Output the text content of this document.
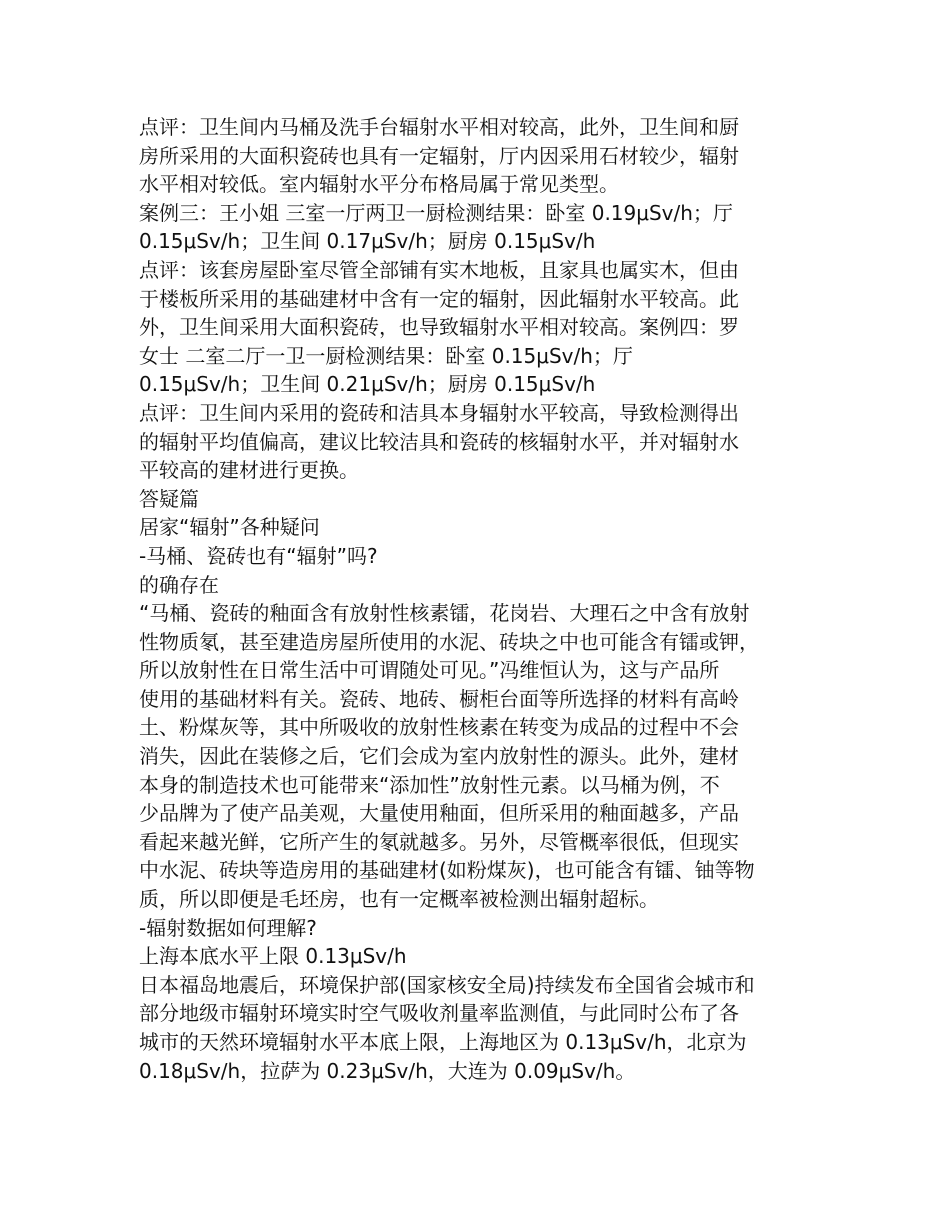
点评：卫生间内马桶及洗手台辐射水平相对较高，此外，卫生间和厨
房所采用的大面积瓷砖也具有一定辐射，厅内因采用石材较少，辐射
水平相对较低。室内辐射水平分布格局属于常见类型。
案例三：王小姐 三室一厅两卫一厨检测结果：卧室 0.19μSv/h；厅
0.15μSv/h；卫生间 0.17μSv/h；厨房 0.15μSv/h
点评：该套房屋卧室尽管全部铺有实木地板，且家具也属实木，但由
于楼板所采用的基础建材中含有一定的辐射，因此辐射水平较高。此
外，卫生间采用大面积瓷砖，也导致辐射水平相对较高。案例四：罗
女士 二室二厅一卫一厨检测结果：卧室 0.15μSv/h；厅
0.15μSv/h；卫生间 0.21μSv/h；厨房 0.15μSv/h
点评：卫生间内采用的瓷砖和洁具本身辐射水平较高，导致检测得出
的辐射平均值偏高，建议比较洁具和瓷砖的核辐射水平，并对辐射水
平较高的建材进行更换。
答疑篇
居家“辐射”各种疑问
-马桶、瓷砖也有“辐射”吗?
的确存在
“马桶、瓷砖的釉面含有放射性核素镭，花岗岩、大理石之中含有放射
性物质氡，甚至建造房屋所使用的水泥、砖块之中也可能含有镭或钾，
所以放射性在日常生活中可谓随处可见。”冯维恒认为，这与产品所
使用的基础材料有关。瓷砖、地砖、橱柜台面等所选择的材料有高岭
土、粉煤灰等，其中所吸收的放射性核素在转变为成品的过程中不会
消失，因此在装修之后，它们会成为室内放射性的源头。此外，建材
本身的制造技术也可能带来“添加性”放射性元素。以马桶为例，不
少品牌为了使产品美观，大量使用釉面，但所采用的釉面越多，产品
看起来越光鲜，它所产生的氡就越多。另外，尽管概率很低，但现实
中水泥、砖块等造房用的基础建材(如粉煤灰)，也可能含有镭、铀等物
质，所以即便是毛坯房，也有一定概率被检测出辐射超标。
-辐射数据如何理解?
上海本底水平上限 0.13μSv/h
日本福岛地震后，环境保护部(国家核安全局)持续发布全国省会城市和
部分地级市辐射环境实时空气吸收剂量率监测值，与此同时公布了各
城市的天然环境辐射水平本底上限，上海地区为 0.13μSv/h，北京为
0.18μSv/h，拉萨为 0.23μSv/h，大连为 0.09μSv/h。
